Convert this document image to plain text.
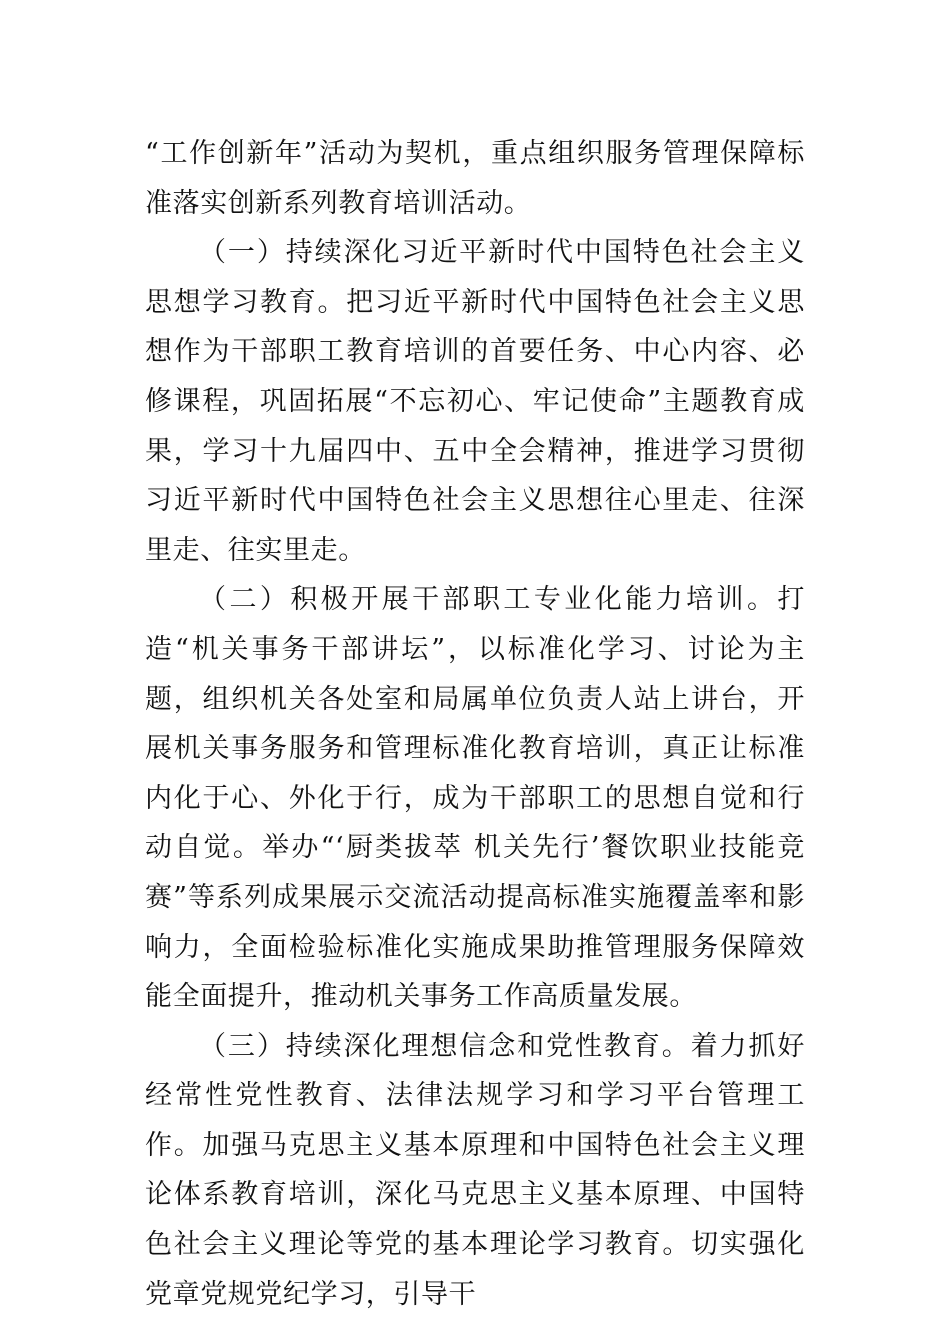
“工作创新年”活动为契机，重点组织服务管理保障标准落实创新系列教育培训活动。

（一）持续深化习近平新时代中国特色社会主义思想学习教育。把习近平新时代中国特色社会主义思想作为干部职工教育培训的首要任务、中心内容、必修课程，巩固拓展“不忘初心、牢记使命”主题教育成果，学习十九届四中、五中全会精神，推进学习贯彻习近平新时代中国特色社会主义思想往心里走、往深里走、往实里走。

（二）积极开展干部职工专业化能力培训。打造“机关事务干部讲坛”，以标准化学习、讨论为主题，组织机关各处室和局属单位负责人站上讲台，开展机关事务服务和管理标准化教育培训，真正让标准内化于心、外化于行，成为干部职工的思想自觉和行动自觉。举办“‘厨类拔萃 机关先行’餐饮职业技能竞赛”等系列成果展示交流活动提高标准实施覆盖率和影响力，全面检验标准化实施成果助推管理服务保障效能全面提升，推动机关事务工作高质量发展。

（三）持续深化理想信念和党性教育。着力抓好经常性党性教育、法律法规学习和学习平台管理工作。加强马克思主义基本原理和中国特色社会主义理论体系教育培训，深化马克思主义基本原理、中国特色社会主义理论等党的基本理论学习教育。切实强化党章党规党纪学习，引导干
